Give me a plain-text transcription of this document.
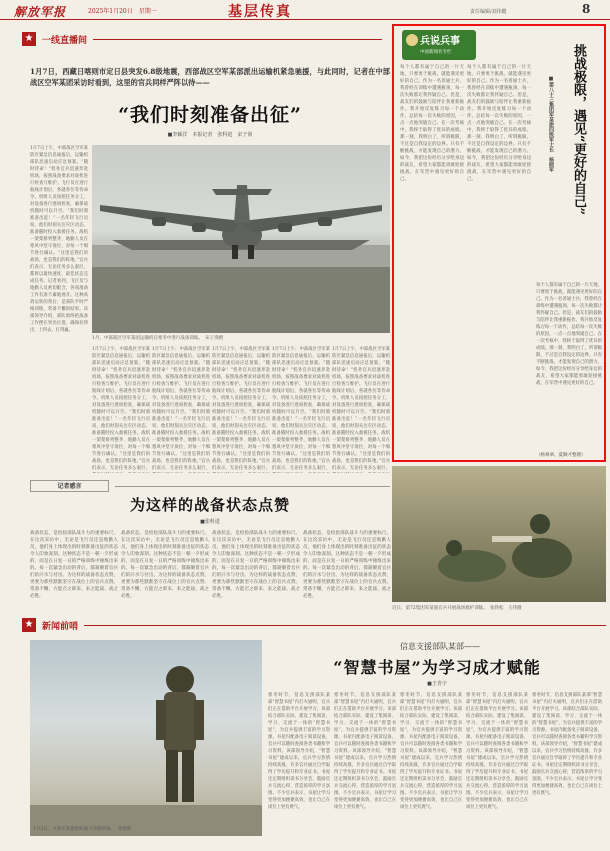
解放军报	2025年1月20日　星期一	基层传真	责任编辑/刘伟健	8
★ 一线直播间
1月7日，西藏日喀则市定日县突发6.8级地震，西部战区空军某部派出运输机紧急驰援，与此同时，记者在中部战区空军某团采访时看到，这里的官兵同样严阵以待——
“我们时刻准备出征”
■李颖洋　本报记者　张科进　宋子洵
1月7日上午，中部战区空军某防区紧急信息通报后，运输机部队迅速启动应急预案。“随时待命！”机务官兵迅速奔赴机场，按照战备要求对战机进行检查与维护。飞行员在进行航线计划后，各就各位等待命令。机组人员按照任务分工，对设备进行逐项检查，确保战机随时可以升空。“我们时刻准备出征！”一名年轻飞行员说，他们时刻关注灾区动态，准备随时投入救援任务。战机一架架排列整齐，地勤人员在寒风中坚守岗位，对每一个细节进行确认。“这里是我们的战场，也是我们的阵地。”官兵们表示，无论任务多么艰巨，都将以最快速度、最佳状态完成任务。记者看到，飞行员与地勤人员密切配合，各项准备工作有条不紊地展开。这种高效运转的背后，是部队平时严格训练、常备不懈的结果。该部领导介绍，部队始终把战备工作摆在突出位置，确保拉得出、上得去、打得赢。
1月，中部战区空军某团运输机在寒冬中进行战备训练。　宋子洵摄
1月7日上午，中部战区空军某防区紧急信息通报后，运输机部队迅速启动应急预案。“随时待命！”机务官兵迅速奔赴机场，按照战备要求对战机进行检查与维护。飞行员在进行航线计划后，各就各位等待命令。机组人员按照任务分工，对设备进行逐项检查，确保战机随时可以升空。“我们时刻准备出征！”一名年轻飞行员说，他们时刻关注灾区动态，准备随时投入救援任务。战机一架架排列整齐，地勤人员在寒风中坚守岗位，对每一个细节进行确认。“这里是我们的战场，也是我们的阵地。”官兵们表示，无论任务多么艰巨，
1月7日上午，中部战区空军某防区紧急信息通报后，运输机部队迅速启动应急预案。“随时待命！”机务官兵迅速奔赴机场，按照战备要求对战机进行检查与维护。飞行员在进行航线计划后，各就各位等待命令。机组人员按照任务分工，对设备进行逐项检查，确保战机随时可以升空。“我们时刻准备出征！”一名年轻飞行员说，他们时刻关注灾区动态，准备随时投入救援任务。战机一架架排列整齐，地勤人员在寒风中坚守岗位，对每一个细节进行确认。“这里是我们的战场，也是我们的阵地。”官兵们表示，无论任务多么艰巨，
1月7日上午，中部战区空军某防区紧急信息通报后，运输机部队迅速启动应急预案。“随时待命！”机务官兵迅速奔赴机场，按照战备要求对战机进行检查与维护。飞行员在进行航线计划后，各就各位等待命令。机组人员按照任务分工，对设备进行逐项检查，确保战机随时可以升空。“我们时刻准备出征！”一名年轻飞行员说，他们时刻关注灾区动态，准备随时投入救援任务。战机一架架排列整齐，地勤人员在寒风中坚守岗位，对每一个细节进行确认。“这里是我们的战场，也是我们的阵地。”官兵们表示，无论任务多么艰巨，
1月7日上午，中部战区空军某防区紧急信息通报后，运输机部队迅速启动应急预案。“随时待命！”机务官兵迅速奔赴机场，按照战备要求对战机进行检查与维护。飞行员在进行航线计划后，各就各位等待命令。机组人员按照任务分工，对设备进行逐项检查，确保战机随时可以升空。“我们时刻准备出征！”一名年轻飞行员说，他们时刻关注灾区动态，准备随时投入救援任务。战机一架架排列整齐，地勤人员在寒风中坚守岗位，对每一个细节进行确认。“这里是我们的战场，也是我们的阵地。”官兵们表示，无论任务多么艰巨，
1月7日上午，中部战区空军某防区紧急信息通报后，运输机部队迅速启动应急预案。“随时待命！”机务官兵迅速奔赴机场，按照战备要求对战机进行检查与维护。飞行员在进行航线计划后，各就各位等待命令。机组人员按照任务分工，对设备进行逐项检查，确保战机随时可以升空。“我们时刻准备出征！”一名年轻飞行员说，他们时刻关注灾区动态，准备随时投入救援任务。战机一架架排列整齐，地勤人员在寒风中坚守岗位，对每一个细节进行确认。“这里是我们的战场，也是我们的阵地。”官兵们表示，无论任务多么艰巨，
记者感言
为这样的战备状态点赞
■张科进
战备状态，是检验部队战斗力的重要标尺。在这次采访中，无论是飞行员还是地勤人员，他们身上体现出的时刻准备出征的状态令人印象深刻。这种状态不是一朝一夕形成的，而是在日复一日的严格训练中锤炼出来的。每一次紧急出动的背后，都凝聚着官兵们的汗水与付出。为这样的战备状态点赞，更要为那些默默坚守在战位上的官兵点赞。常备不懈，方能召之即来、来之能战、战之必胜。
战备状态，是检验部队战斗力的重要标尺。在这次采访中，无论是飞行员还是地勤人员，他们身上体现出的时刻准备出征的状态令人印象深刻。这种状态不是一朝一夕形成的，而是在日复一日的严格训练中锤炼出来的。每一次紧急出动的背后，都凝聚着官兵们的汗水与付出。为这样的战备状态点赞，更要为那些默默坚守在战位上的官兵点赞。常备不懈，方能召之即来、来之能战、战之必胜。
战备状态，是检验部队战斗力的重要标尺。在这次采访中，无论是飞行员还是地勤人员，他们身上体现出的时刻准备出征的状态令人印象深刻。这种状态不是一朝一夕形成的，而是在日复一日的严格训练中锤炼出来的。每一次紧急出动的背后，都凝聚着官兵们的汗水与付出。为这样的战备状态点赞，更要为那些默默坚守在战位上的官兵点赞。常备不懈，方能召之即来、来之能战、战之必胜。
战备状态，是检验部队战斗力的重要标尺。在这次采访中，无论是飞行员还是地勤人员，他们身上体现出的时刻准备出征的状态令人印象深刻。这种状态不是一朝一夕形成的，而是在日复一日的严格训练中锤炼出来的。每一次紧急出动的背后，都凝聚着官兵们的汗水与付出。为这样的战备状态点赞，更要为那些默默坚守在战位上的官兵点赞。常备不懈，方能召之即来、来之能战、战之必胜。
兵说兵事
中国新闻名专栏
每个人都有属于自己的一片天地，只要勇于挑战，就能遇见更好的自己。作为一名普通士兵，我曾经在训练中遭遇瓶颈，每一次失败都让我怀疑自己。但是，战友们的鼓励与陪伴让我重新振作。我开始反复练习每一个动作，总结每一次失败的原因，一点一点地突破自己。在一次考核中，我终于取得了优异的成绩。那一刻，我明白了，所谓极限，不过是自我设定的边界。只有不断挑战，才能发现自己的潜力。如今，我把这份经历分享给身边的战友，希望大家都能勇敢迎接挑战，在军营中遇见更好的自己。
每个人都有属于自己的一片天地，只要勇于挑战，就能遇见更好的自己。作为一名普通士兵，我曾经在训练中遭遇瓶颈，每一次失败都让我怀疑自己。但是，战友们的鼓励与陪伴让我重新振作。我开始反复练习每一个动作，总结每一次失败的原因，一点一点地突破自己。在一次考核中，我终于取得了优异的成绩。那一刻，我明白了，所谓极限，不过是自我设定的边界。只有不断挑战，才能发现自己的潜力。如今，我把这份经历分享给身边的战友，希望大家都能勇敢迎接挑战，在军营中遇见更好的自己。	挑战极限，遇见“更好的自己”
■第八十三集团军某旅四级军士长　杨晓军
每个人都有属于自己的一片天地，只要勇于挑战，就能遇见更好的自己。作为一名普通士兵，我曾经在训练中遭遇瓶颈，每一次失败都让我怀疑自己。但是，战友们的鼓励与陪伴让我重新振作。我开始反复练习每一个动作，总结每一次失败的原因，一点一点地突破自己。在一次考核中，我终于取得了优异的成绩。那一刻，我明白了，所谓极限，不过是自我设定的边界。只有不断挑战，才能发现自己的潜力。如今，我把这份经历分享给身边的战友，希望大家都能勇敢迎接挑战，在军营中遇见更好的自己。
（杨翠翠、夏顺才整理）
近日，第72集团军某旅官兵开展战场救护训练。　张铁松　王伟摄
★ 新闻前哨
1月2日，火箭军某旅组织战斗伞降训练。　邓勇摄
信息支援部队某部——
“智慧书屋”为学习成才赋能
■王青宇
寒冬时节，信息支援部队某部“智慧书屋”内灯火通明，官兵们正在借助平台开展学习。该部结合部队实际，建设了集阅读、学习、交流于一体的“智慧书屋”，为官兵提供丰富的学习资源。书屋内配备电子阅读设备，官兵可以随时查阅各类书籍和学习资料。该部领导介绍，“智慧书屋”建成以来，官兵学习热情持续高涨，许多官兵通过自学取得了学历提升和专业证书。书屋还定期组织读书分享会，鼓励官兵交流心得，营造浓厚的学习氛围。不少官兵表示，书屋让学习变得更加便捷高效，也让自己在岗位上更有底气。
寒冬时节，信息支援部队某部“智慧书屋”内灯火通明，官兵们正在借助平台开展学习。该部结合部队实际，建设了集阅读、学习、交流于一体的“智慧书屋”，为官兵提供丰富的学习资源。书屋内配备电子阅读设备，官兵可以随时查阅各类书籍和学习资料。该部领导介绍，“智慧书屋”建成以来，官兵学习热情持续高涨，许多官兵通过自学取得了学历提升和专业证书。书屋还定期组织读书分享会，鼓励官兵交流心得，营造浓厚的学习氛围。不少官兵表示，书屋让学习变得更加便捷高效，也让自己在岗位上更有底气。
寒冬时节，信息支援部队某部“智慧书屋”内灯火通明，官兵们正在借助平台开展学习。该部结合部队实际，建设了集阅读、学习、交流于一体的“智慧书屋”，为官兵提供丰富的学习资源。书屋内配备电子阅读设备，官兵可以随时查阅各类书籍和学习资料。该部领导介绍，“智慧书屋”建成以来，官兵学习热情持续高涨，许多官兵通过自学取得了学历提升和专业证书。书屋还定期组织读书分享会，鼓励官兵交流心得，营造浓厚的学习氛围。不少官兵表示，书屋让学习变得更加便捷高效，也让自己在岗位上更有底气。
寒冬时节，信息支援部队某部“智慧书屋”内灯火通明，官兵们正在借助平台开展学习。该部结合部队实际，建设了集阅读、学习、交流于一体的“智慧书屋”，为官兵提供丰富的学习资源。书屋内配备电子阅读设备，官兵可以随时查阅各类书籍和学习资料。该部领导介绍，“智慧书屋”建成以来，官兵学习热情持续高涨，许多官兵通过自学取得了学历提升和专业证书。书屋还定期组织读书分享会，鼓励官兵交流心得，营造浓厚的学习氛围。不少官兵表示，书屋让学习变得更加便捷高效，也让自己在岗位上更有底气。
寒冬时节，信息支援部队某部“智慧书屋”内灯火通明，官兵们正在借助平台开展学习。该部结合部队实际，建设了集阅读、学习、交流于一体的“智慧书屋”，为官兵提供丰富的学习资源。书屋内配备电子阅读设备，官兵可以随时查阅各类书籍和学习资料。该部领导介绍，“智慧书屋”建成以来，官兵学习热情持续高涨，许多官兵通过自学取得了学历提升和专业证书。书屋还定期组织读书分享会，鼓励官兵交流心得，营造浓厚的学习氛围。不少官兵表示，书屋让学习变得更加便捷高效，也让自己在岗位上更有底气。
